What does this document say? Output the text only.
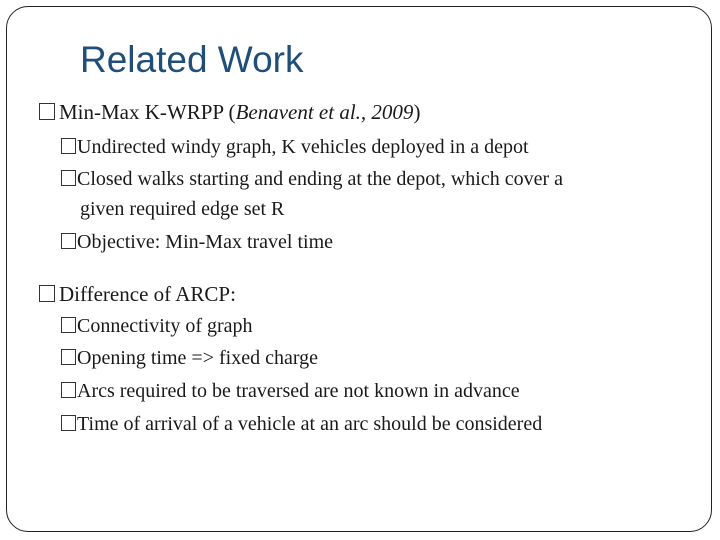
Related Work
Min-Max K-WRPP (Benavent et al., 2009)
Undirected windy graph, K vehicles deployed in a depot
Closed walks starting and ending at the depot, which cover a
given required edge set R
Objective: Min-Max travel time
Difference of ARCP:
Connectivity of graph
Opening time => fixed charge
Arcs required to be traversed are not known in advance
Time of arrival of a vehicle at an arc should be considered
